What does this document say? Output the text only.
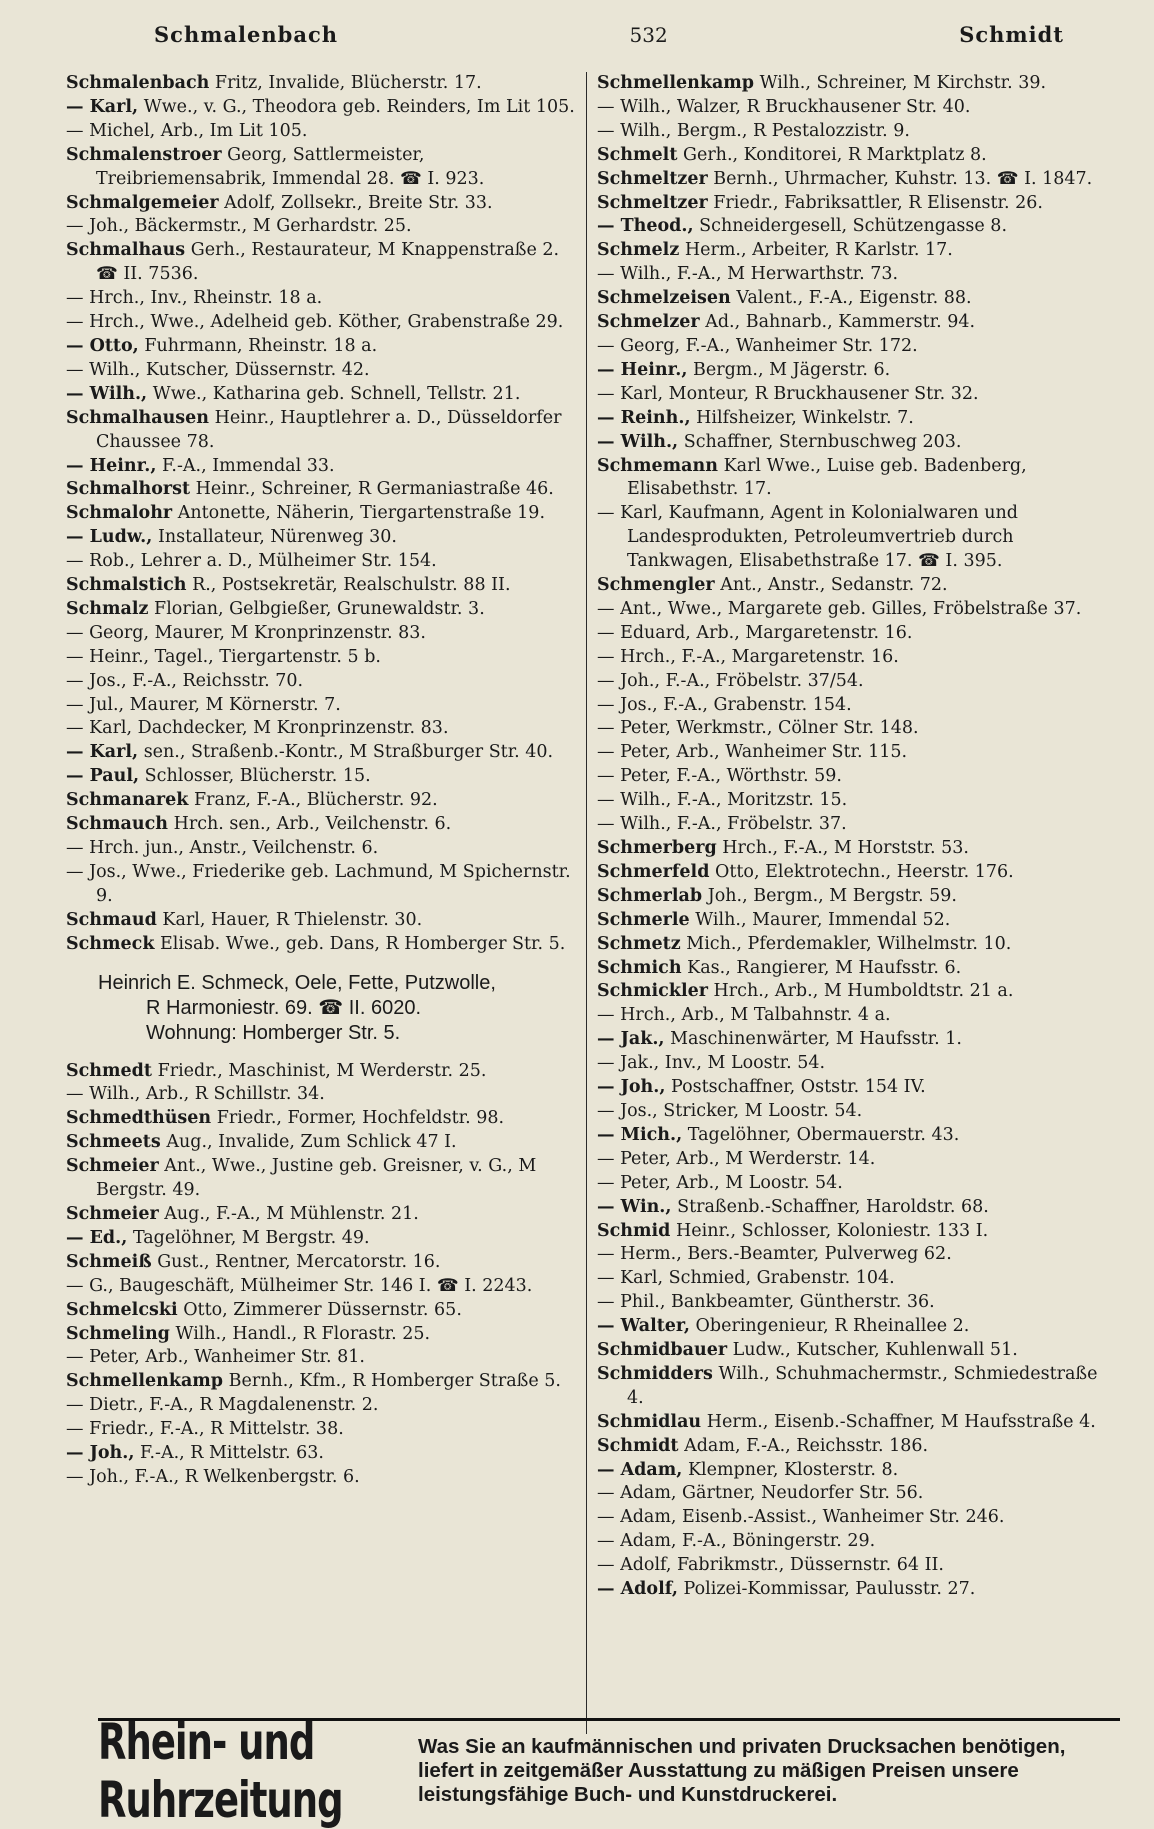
Schmalenbach	532	Schmidt

Schmalenbach Fritz, Invalide, Blücherstr. 17.

— Karl, Wwe., v. G., Theodora geb. Reinders, Im Lit 105.

— Michel, Arb., Im Lit 105.

Schmalenstroer Georg, Sattlermeister, Treibriemensabrik, Immendal 28. ☎ I. 923.

Schmalgemeier Adolf, Zollsekr., Breite Str. 33.

— Joh., Bäckermstr., M Gerhardstr. 25.

Schmalhaus Gerh., Restaurateur, M Knappenstraße 2. ☎ II. 7536.

— Hrch., Inv., Rheinstr. 18 a.

— Hrch., Wwe., Adelheid geb. Köther, Grabenstraße 29.

— Otto, Fuhrmann, Rheinstr. 18 a.

— Wilh., Kutscher, Düssernstr. 42.

— Wilh., Wwe., Katharina geb. Schnell, Tellstr. 21.

Schmalhausen Heinr., Hauptlehrer a. D., Düsseldorfer Chaussee 78.

— Heinr., F.-A., Immendal 33.

Schmalhorst Heinr., Schreiner, R Germaniastraße 46.

Schmalohr Antonette, Näherin, Tiergartenstraße 19.

— Ludw., Installateur, Nürenweg 30.

— Rob., Lehrer a. D., Mülheimer Str. 154.

Schmalstich R., Postsekretär, Realschulstr. 88 II.

Schmalz Florian, Gelbgießer, Grunewaldstr. 3.

— Georg, Maurer, M Kronprinzenstr. 83.

— Heinr., Tagel., Tiergartenstr. 5 b.

— Jos., F.-A., Reichsstr. 70.

— Jul., Maurer, M Körnerstr. 7.

— Karl, Dachdecker, M Kronprinzenstr. 83.

— Karl, sen., Straßenb.-Kontr., M Straßburger Str. 40.

— Paul, Schlosser, Blücherstr. 15.

Schmanarek Franz, F.-A., Blücherstr. 92.

Schmauch Hrch. sen., Arb., Veilchenstr. 6.

— Hrch. jun., Anstr., Veilchenstr. 6.

— Jos., Wwe., Friederike geb. Lachmund, M Spichernstr. 9.

Schmaud Karl, Hauer, R Thielenstr. 30.

Schmeck Elisab. Wwe., geb. Dans, R Homberger Str. 5.

Heinrich E. Schmeck, Oele, Fette, Putzwolle,
R Harmoniestr. 69. ☎ II. 6020.
Wohnung: Homberger Str. 5.

Schmedt Friedr., Maschinist, M Werderstr. 25.

— Wilh., Arb., R Schillstr. 34.

Schmedthüsen Friedr., Former, Hochfeldstr. 98.

Schmeets Aug., Invalide, Zum Schlick 47 I.

Schmeier Ant., Wwe., Justine geb. Greisner, v. G., M Bergstr. 49.

Schmeier Aug., F.-A., M Mühlenstr. 21.

— Ed., Tagelöhner, M Bergstr. 49.

Schmeiß Gust., Rentner, Mercatorstr. 16.

— G., Baugeschäft, Mülheimer Str. 146 I. ☎ I. 2243.

Schmelcski Otto, Zimmerer Düssernstr. 65.

Schmeling Wilh., Handl., R Florastr. 25.

— Peter, Arb., Wanheimer Str. 81.

Schmellenkamp Bernh., Kfm., R Homberger Straße 5.

— Dietr., F.-A., R Magdalenenstr. 2.

— Friedr., F.-A., R Mittelstr. 38.

— Joh., F.-A., R Mittelstr. 63.

— Joh., F.-A., R Welkenbergstr. 6.

Schmellenkamp Wilh., Schreiner, M Kirchstr. 39.

— Wilh., Walzer, R Bruckhausener Str. 40.

— Wilh., Bergm., R Pestalozzistr. 9.

Schmelt Gerh., Konditorei, R Marktplatz 8.

Schmeltzer Bernh., Uhrmacher, Kuhstr. 13. ☎ I. 1847.

Schmeltzer Friedr., Fabriksattler, R Elisenstr. 26.

— Theod., Schneidergesell, Schützengasse 8.

Schmelz Herm., Arbeiter, R Karlstr. 17.

— Wilh., F.-A., M Herwarthstr. 73.

Schmelzeisen Valent., F.-A., Eigenstr. 88.

Schmelzer Ad., Bahnarb., Kammerstr. 94.

— Georg, F.-A., Wanheimer Str. 172.

— Heinr., Bergm., M Jägerstr. 6.

— Karl, Monteur, R Bruckhausener Str. 32.

— Reinh., Hilfsheizer, Winkelstr. 7.

— Wilh., Schaffner, Sternbuschweg 203.

Schmemann Karl Wwe., Luise geb. Badenberg, Elisabethstr. 17.

— Karl, Kaufmann, Agent in Kolonialwaren und Landesprodukten, Petroleumvertrieb durch Tankwagen, Elisabethstraße 17. ☎ I. 395.

Schmengler Ant., Anstr., Sedanstr. 72.

— Ant., Wwe., Margarete geb. Gilles, Fröbelstraße 37.

— Eduard, Arb., Margaretenstr. 16.

— Hrch., F.-A., Margaretenstr. 16.

— Joh., F.-A., Fröbelstr. 37/54.

— Jos., F.-A., Grabenstr. 154.

— Peter, Werkmstr., Cölner Str. 148.

— Peter, Arb., Wanheimer Str. 115.

— Peter, F.-A., Wörthstr. 59.

— Wilh., F.-A., Moritzstr. 15.

— Wilh., F.-A., Fröbelstr. 37.

Schmerberg Hrch., F.-A., M Horststr. 53.

Schmerfeld Otto, Elektrotechn., Heerstr. 176.

Schmerlab Joh., Bergm., M Bergstr. 59.

Schmerle Wilh., Maurer, Immendal 52.

Schmetz Mich., Pferdemakler, Wilhelmstr. 10.

Schmich Kas., Rangierer, M Haufsstr. 6.

Schmickler Hrch., Arb., M Humboldtstr. 21 a.

— Hrch., Arb., M Talbahnstr. 4 a.

— Jak., Maschinenwärter, M Haufsstr. 1.

— Jak., Inv., M Loostr. 54.

— Joh., Postschaffner, Oststr. 154 IV.

— Jos., Stricker, M Loostr. 54.

— Mich., Tagelöhner, Obermauerstr. 43.

— Peter, Arb., M Werderstr. 14.

— Peter, Arb., M Loostr. 54.

— Win., Straßenb.-Schaffner, Haroldstr. 68.

Schmid Heinr., Schlosser, Koloniestr. 133 I.

— Herm., Bers.-Beamter, Pulverweg 62.

— Karl, Schmied, Grabenstr. 104.

— Phil., Bankbeamter, Güntherstr. 36.

— Walter, Oberingenieur, R Rheinallee 2.

Schmidbauer Ludw., Kutscher, Kuhlenwall 51.

Schmidders Wilh., Schuhmachermstr., Schmiedestraße 4.

Schmidlau Herm., Eisenb.-Schaffner, M Haufsstraße 4.

Schmidt Adam, F.-A., Reichsstr. 186.

— Adam, Klempner, Klosterstr. 8.

— Adam, Gärtner, Neudorfer Str. 56.

— Adam, Eisenb.-Assist., Wanheimer Str. 246.

— Adam, F.-A., Böningerstr. 29.

— Adolf, Fabrikmstr., Düssernstr. 64 II.

— Adolf, Polizei-Kommissar, Paulusstr. 27.

Rhein- und Ruhrzeitung
Was Sie an kaufmännischen und privaten Drucksachen benötigen, liefert in zeitgemäßer Ausstattung zu mäßigen Preisen unsere leistungsfähige Buch- und Kunstdruckerei.
